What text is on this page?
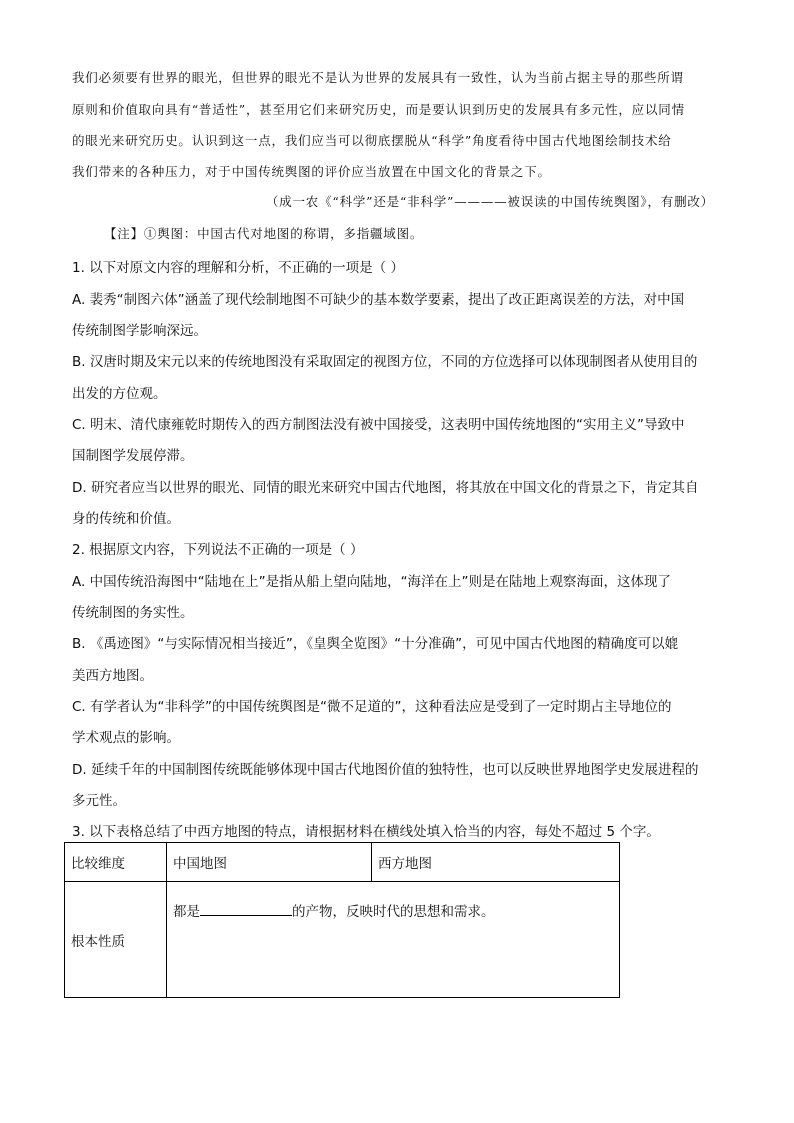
我们必须要有世界的眼光，但世界的眼光不是认为世界的发展具有一致性，认为当前占据主导的那些所谓
原则和价值取向具有“普适性”，甚至用它们来研究历史，而是要认识到历史的发展具有多元性，应以同情
的眼光来研究历史。认识到这一点，我们应当可以彻底摆脱从“科学”角度看待中国古代地图绘制技术给
我们带来的各种压力，对于中国传统舆图的评价应当放置在中国文化的背景之下。
（成一农《“科学”还是“非科学”————被误读的中国传统舆图》，有删改）
【注】①舆图：中国古代对地图的称谓，多指疆域图。
1. 以下对原文内容的理解和分析，不正确的一项是（ ）
A. 裴秀“制图六体”涵盖了现代绘制地图不可缺少的基本数学要素，提出了改正距离误差的方法，对中国
传统制图学影响深远。
B. 汉唐时期及宋元以来的传统地图没有采取固定的视图方位，不同的方位选择可以体现制图者从使用目的
出发的方位观。
C. 明末、清代康雍乾时期传入的西方制图法没有被中国接受，这表明中国传统地图的“实用主义”导致中
国制图学发展停滞。
D. 研究者应当以世界的眼光、同情的眼光来研究中国古代地图，将其放在中国文化的背景之下，肯定其自
身的传统和价值。
2. 根据原文内容，下列说法不正确的一项是（ ）
A. 中国传统沿海图中“陆地在上”是指从船上望向陆地，“海洋在上”则是在陆地上观察海面，这体现了
传统制图的务实性。
B. 《禹迹图》“与实际情况相当接近”，《皇舆全览图》“十分准确”，可见中国古代地图的精确度可以媲
美西方地图。
C. 有学者认为“非科学”的中国传统舆图是“微不足道的”，这种看法应是受到了一定时期占主导地位的
学术观点的影响。
D. 延续千年的中国制图传统既能够体现中国古代地图价值的独特性，也可以反映世界地图学史发展进程的
多元性。
3. 以下表格总结了中西方地图的特点，请根据材料在横线处填入恰当的内容，每处不超过 5 个字。
比较维度	中国地图	西方地图
根本性质	都是 的产物，反映时代的思想和需求。	
